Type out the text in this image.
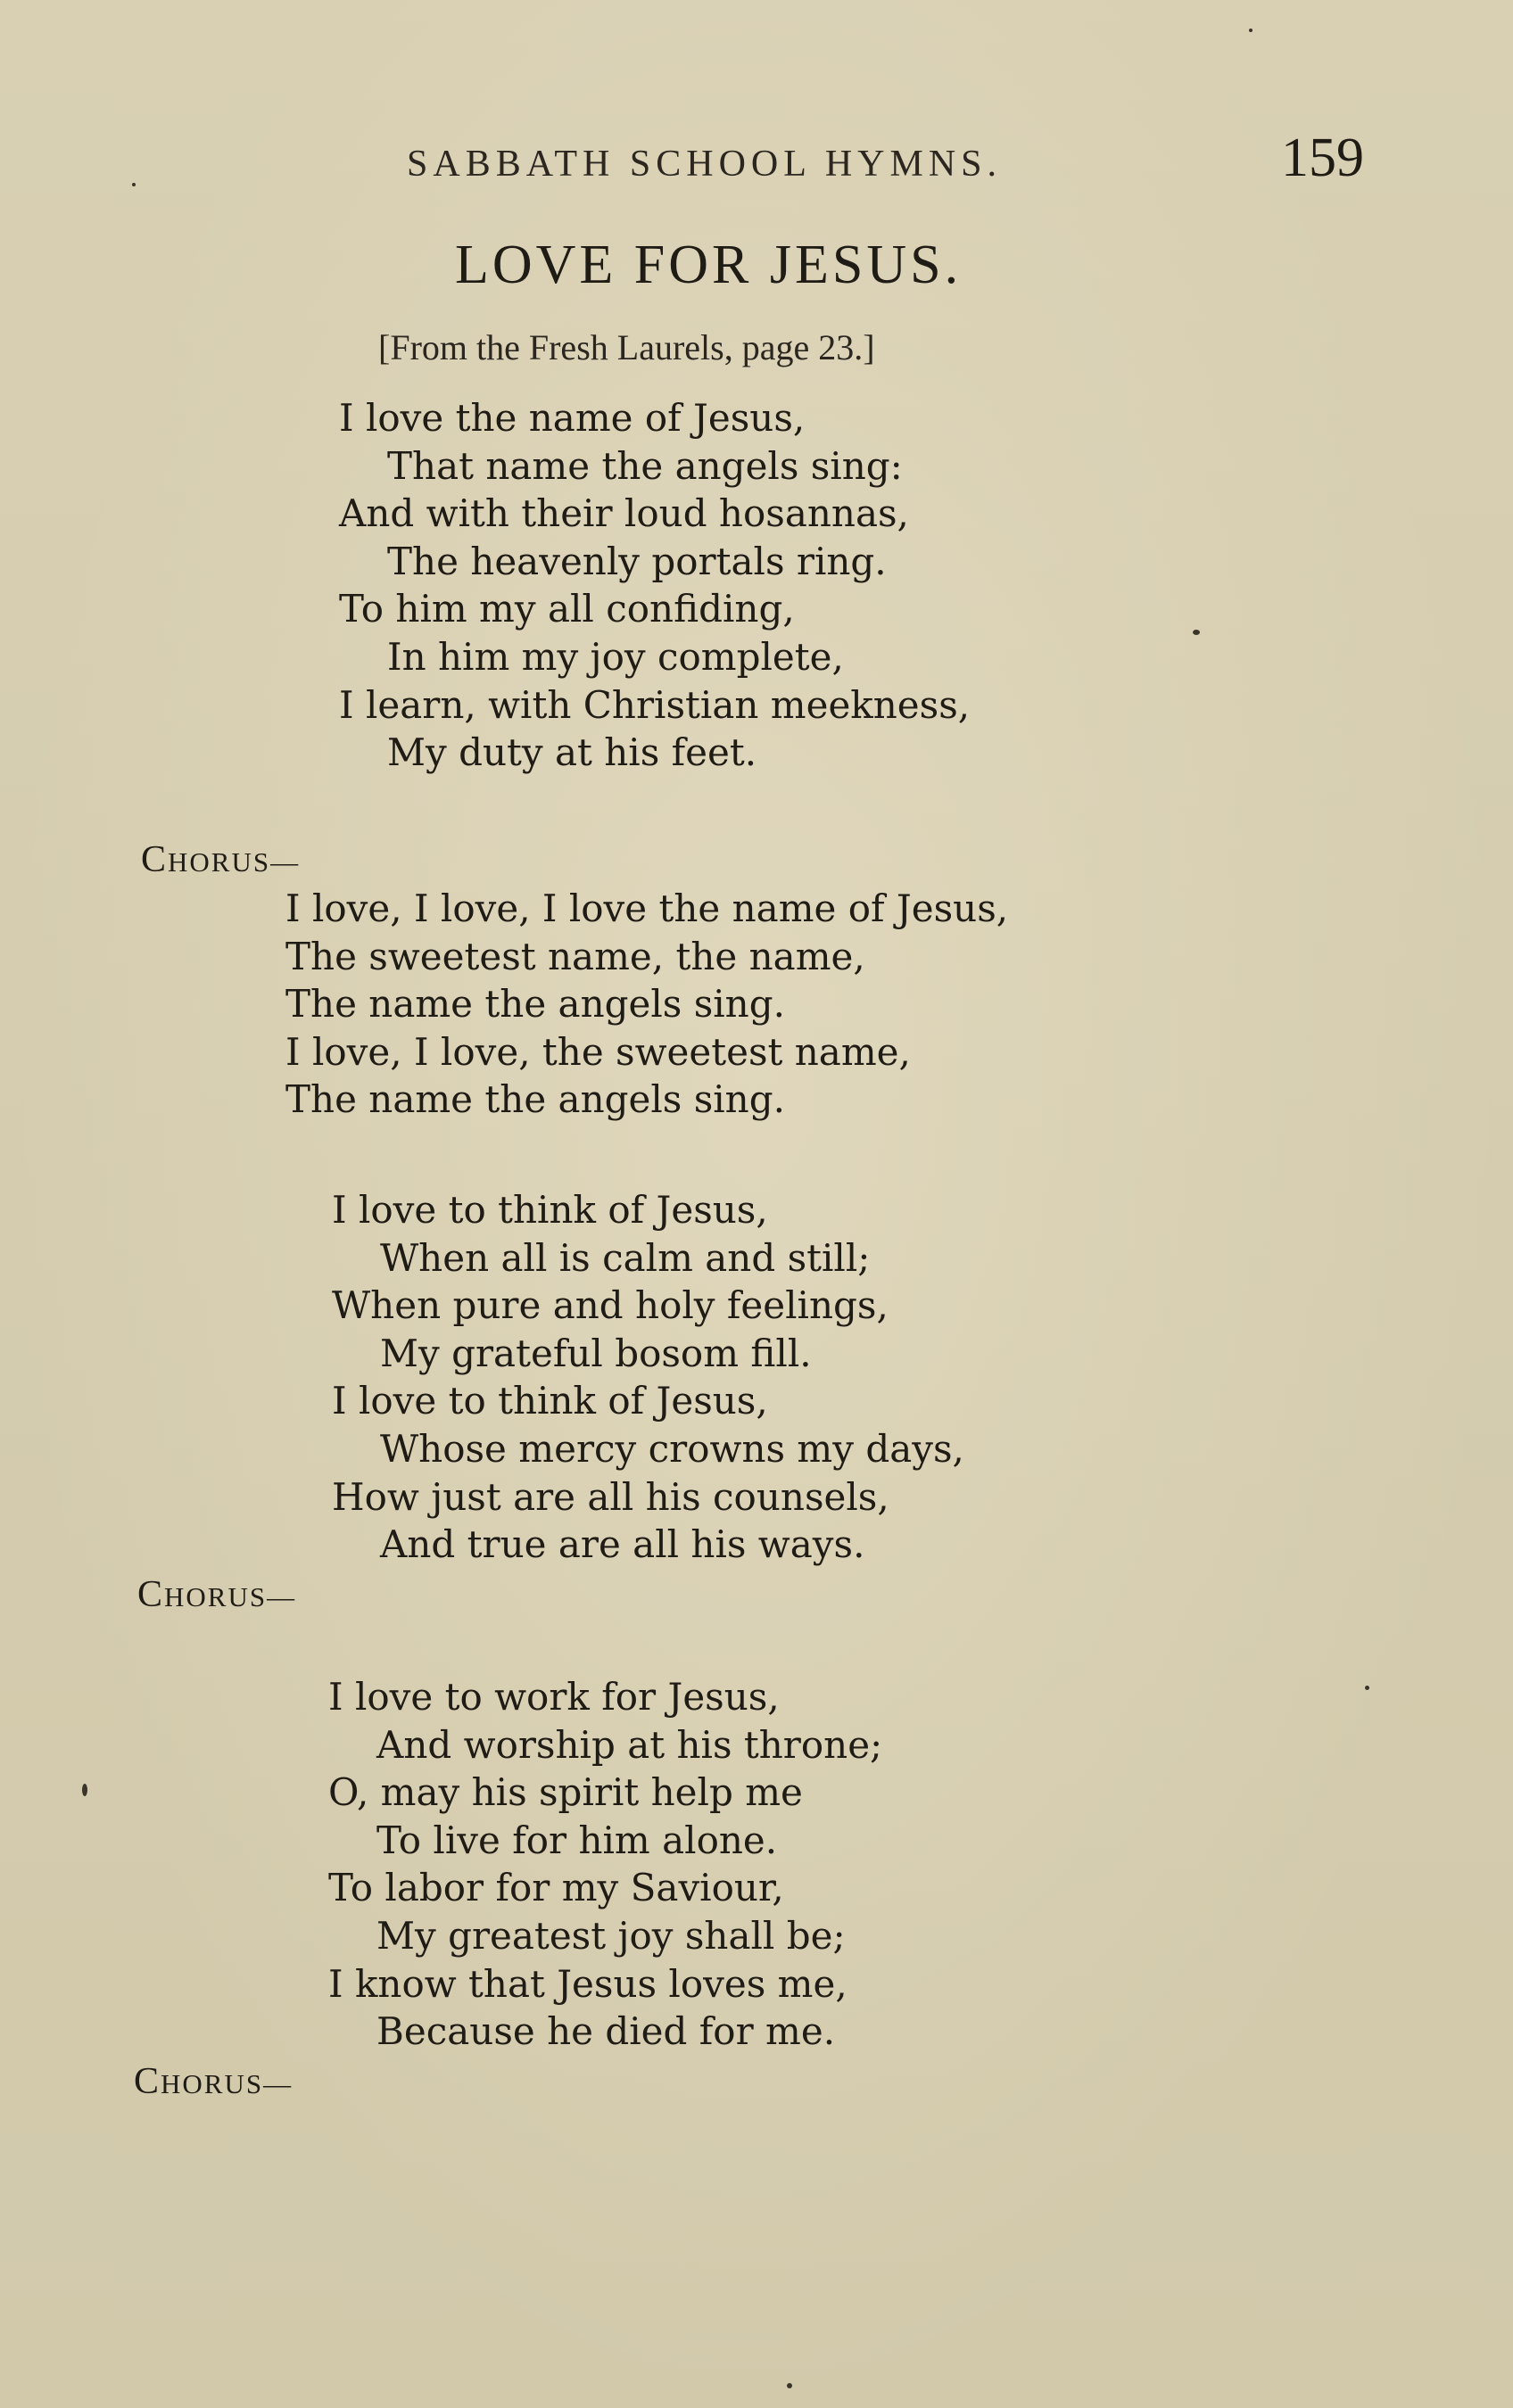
SABBATH SCHOOL HYMNS.	159
LOVE FOR JESUS.
[From the Fresh Laurels, page 23.]
I love the name of Jesus,
That name the angels sing:
And with their loud hosannas,
The heavenly portals ring.
To him my all confiding,
In him my joy complete,
I learn, with Christian meekness,
My duty at his feet.
CHORUS—
I love, I love, I love the name of Jesus,
The sweetest name, the name,
The name the angels sing.
I love, I love, the sweetest name,
The name the angels sing.
I love to think of Jesus,
When all is calm and still;
When pure and holy feelings,
My grateful bosom fill.
I love to think of Jesus,
Whose mercy crowns my days,
How just are all his counsels,
And true are all his ways.
CHORUS—
I love to work for Jesus,
And worship at his throne;
O, may his spirit help me
To live for him alone.
To labor for my Saviour,
My greatest joy shall be;
I know that Jesus loves me,
Because he died for me.
CHORUS—
